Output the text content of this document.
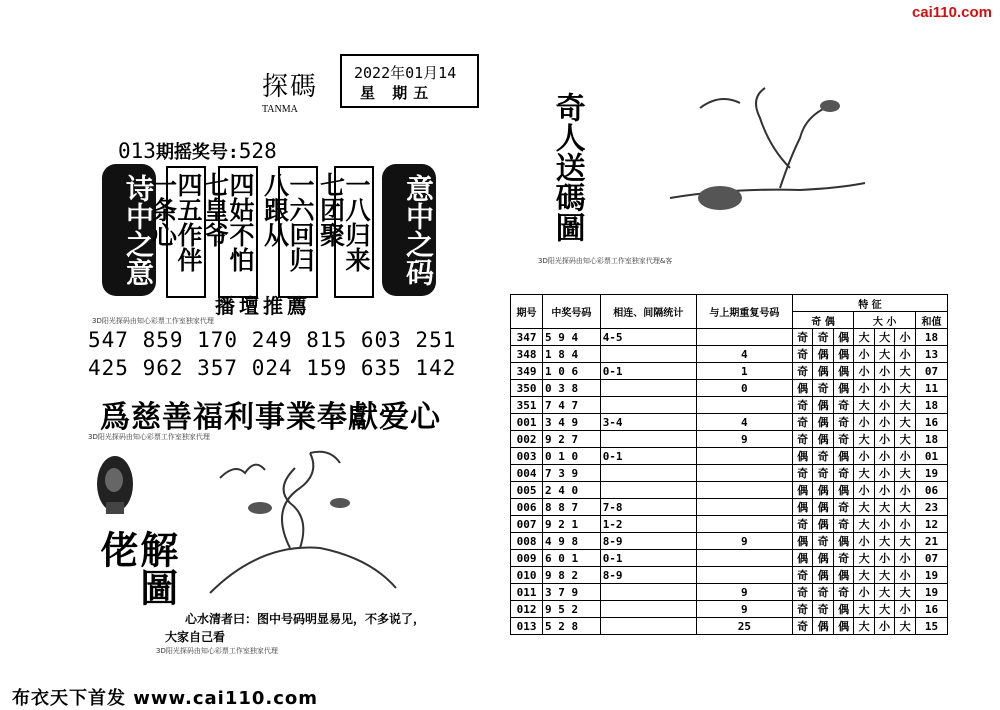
cai110.com
探碼
TANMA
2022年01月14
星 期五
013期摇奖号:528
诗中之意 四五作伴一条心	四姑不怕七皇爷	一六回归八跟从	一八归来七团聚	意中之码
播壇推薦
3D阳光探码由知心彩票工作室独家代理
547 859 170 249 815 603 251
425 962 357 024 159 635 142
爲慈善福利事業奉獻爱心
3D阳光探码由知心彩票工作室独家代理
解圖佬
心水清者曰：图中号码明显易见，不多说了，
大家自己看
3D阳光探码由知心彩票工作室独家代理
布衣天下首发 www.cai110.com
奇人送碼圖
3D阳光探码由知心彩票工作室独家代理&客
期号	中奖号码	相连、间隔统计	与上期重复号码	特 征						
				奇 偶			大 小			和值
347	5 9 4	4-5		奇	奇	偶	大	大	小	18
348	1 8 4		4	奇	偶	偶	小	大	小	13
349	1 0 6	0-1	1	奇	偶	偶	小	小	大	07
350	0 3 8		0	偶	奇	偶	小	小	大	11
351	7 4 7			奇	偶	奇	大	小	大	18
001	3 4 9	3-4	4	奇	偶	奇	小	小	大	16
002	9 2 7		9	奇	偶	奇	大	小	大	18
003	0 1 0	0-1		偶	奇	偶	小	小	小	01
004	7 3 9			奇	奇	奇	大	小	大	19
005	2 4 0			偶	偶	偶	小	小	小	06
006	8 8 7	7-8		偶	偶	奇	大	大	大	23
007	9 2 1	1-2		奇	偶	奇	大	小	小	12
008	4 9 8	8-9	9	偶	奇	偶	小	大	大	21
009	6 0 1	0-1		偶	偶	奇	大	小	小	07
010	9 8 2	8-9		奇	偶	偶	大	大	小	19
011	3 7 9		9	奇	奇	奇	小	大	大	19
012	9 5 2		9	奇	奇	偶	大	大	小	16
013	5 2 8		25	奇	偶	偶	大	小	大	15
